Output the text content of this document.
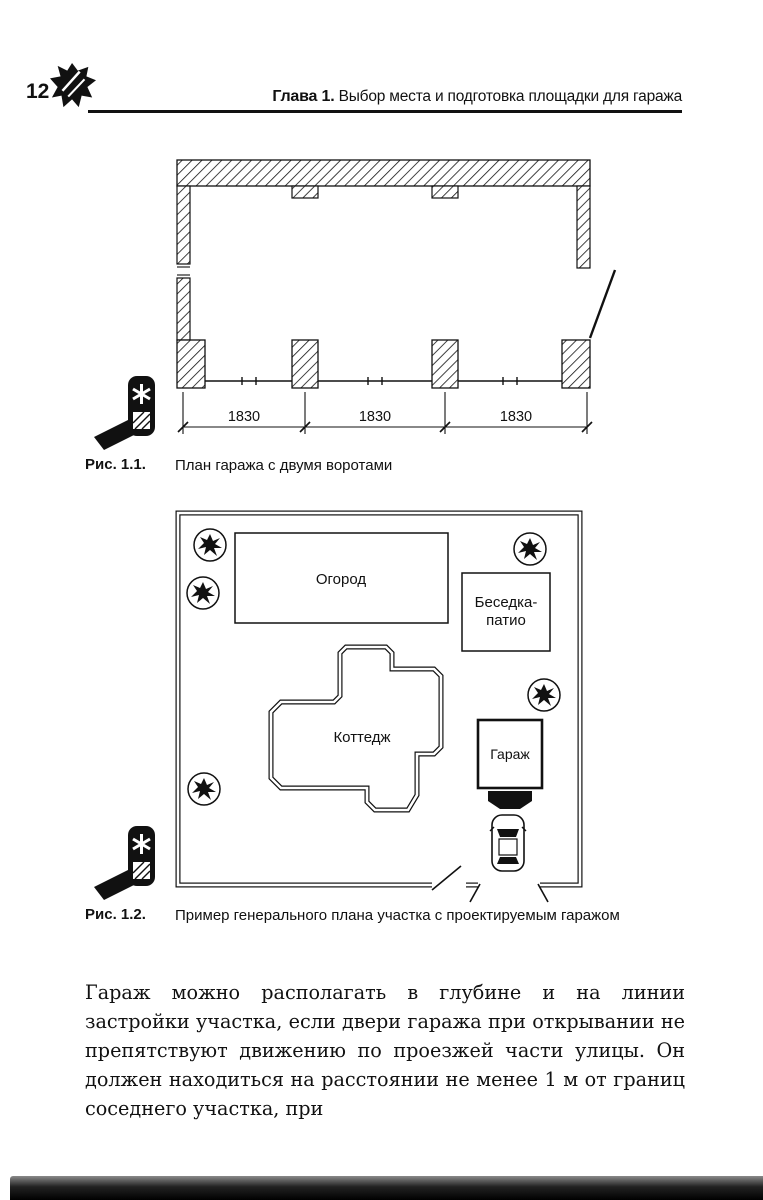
12	Глава 1. Выбор места и подготовка площадки для гаража
1830	1830	1830
Рис. 1.1. План гаража с двумя воротами
Огород
Беседка-
патио
Коттедж
Гараж
Рис. 1.2. Пример генерального плана участка с проектируемым гаражом
Гараж можно располагать в глубине и на линии застройки участка, если двери гаража при открывании не препятствуют движению по проезжей части улицы. Он должен находиться на расстоянии не менее 1 м от границ соседнего участка, при
